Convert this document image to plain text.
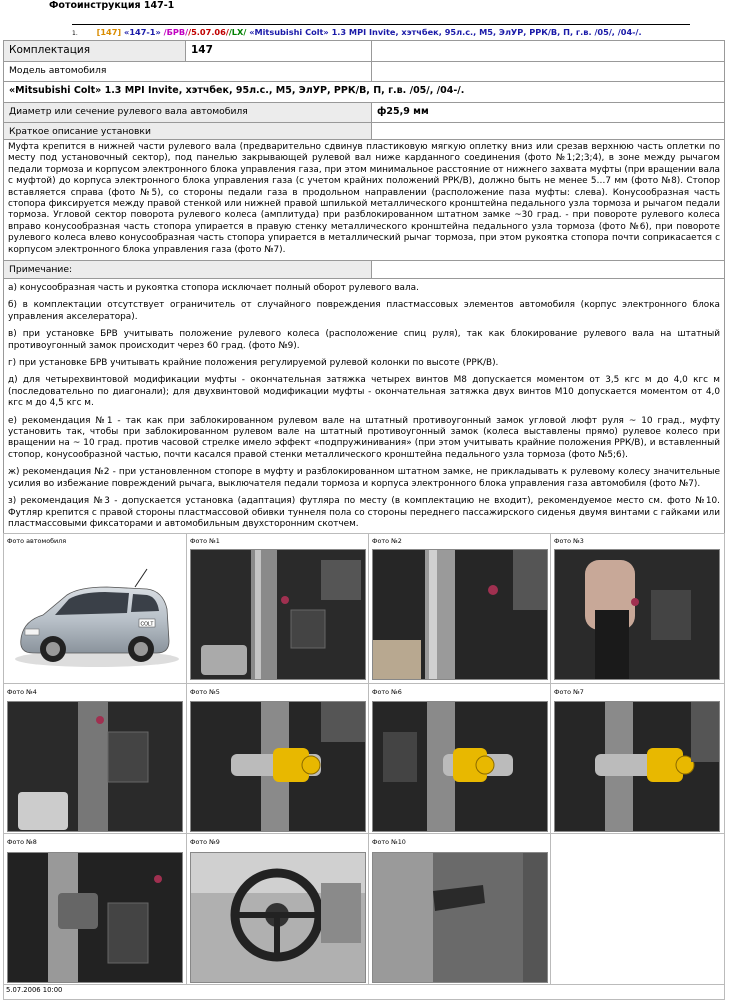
Фотоинструкция 147-1
1. [147] «147-1» /БРВ//5.07.06//LX/ «Mitsubishi Colt» 1.3 MPI Invite, хэтчбек, 95л.с., М5, ЭлУР, РРК/В, П, г.в. /05/, /04-/.
Комплектация	147
Модель автомобиля
«Mitsubishi Colt» 1.3 MPI Invite, хэтчбек, 95л.с., М5, ЭлУР, РРК/В, П, г.в. /05/, /04-/.
Диаметр или сечение рулевого вала автомобиля	ф25,9 мм
Краткое описание установки
Муфта крепится в нижней части рулевого вала (предварительно сдвинув пластиковую мягкую оплетку вниз или срезав верхнюю часть оплетки по месту под установочный сектор), под панелью закрывающей рулевой вал ниже карданного соединения (фото №1;2;3;4), в зоне между рычагом педали тормоза и корпусом электронного блока управления газа, при этом минимальное расстояние от нижнего захвата муфты (при вращении вала с муфтой) до корпуса электронного блока управления газа (с учетом крайних положений РРК/В), должно быть не менее 5…7 мм (фото №8). Стопор вставляется справа (фото №5), со стороны педали газа в продольном направлении (расположение паза муфты: слева). Конусообразная часть стопора фиксируется между правой стенкой или нижней правой шпилькой металлического кронштейна педального узла тормоза и рычагом педали тормоза. Угловой сектор поворота рулевого колеса (амплитуда) при разблокированном штатном замке ~30 град. - при повороте рулевого колеса вправо конусообразная часть стопора упирается в правую стенку металлического кронштейна педального узла тормоза (фото №6), при повороте рулевого колеса влево конусообразная часть стопора упирается в металлический рычаг тормоза, при этом рукоятка стопора почти соприкасается с корпусом электронного блока управления газа (фото №7).
Примечание:

а) конусообразная часть и рукоятка стопора исключает полный оборот рулевого вала.

б) в комплектации отсутствует ограничитель от случайного повреждения пластмассовых элементов автомобиля (корпус электронного блока управления акселератора).

в) при установке БРВ учитывать положение рулевого колеса (расположение спиц руля), так как блокирование рулевого вала на штатный противоугонный замок происходит через 60 град. (фото №9).

г) при установке БРВ учитывать крайние положения регулируемой рулевой колонки по высоте (РРК/В).

д) для четырехвинтовой модификации муфты - окончательная затяжка четырех винтов М8 допускается моментом от 3,5 кгс м до 4,0 кгс м (последовательно по диагонали); для двухвинтовой модификации муфты - окончательная затяжка двух винтов М10 допускается моментом от 4,0 кгс м до 4,5 кгс м.

е) рекомендация №1 - так как при заблокированном рулевом вале на штатный противоугонный замок угловой люфт руля ~ 10 град., муфту установить так, чтобы при заблокированном рулевом вале на штатный противоугонный замок (колеса выставлены прямо) рулевое колесо при вращении на ~ 10 град. против часовой стрелке имело эффект «подпружинивания» (при этом учитывать крайние положения РРК/В), и вставленный стопор, конусообразной частью, почти касался правой стенки металлического кронштейна педального узла тормоза (фото №5;6).

ж) рекомендация №2 - при установленном стопоре в муфту и разблокированном штатном замке, не прикладывать к рулевому колесу значительные усилия во избежание повреждений рычага, выключателя педали тормоза и корпуса электронного блока управления газа автомобиля (фото №7).

з) рекомендация №3 - допускается установка (адаптация) футляра по месту (в комплектацию не входит), рекомендуемое место см. фото №10. Футляр крепится с правой стороны пластмассовой обивки туннеля пола со стороны переднего пассажирского сиденья двумя винтами с гайками или пластмассовыми фиксаторами и автомобильным двухсторонним скотчем.

Фото автомобиля	Фото №1	Фото №2	Фото №3
Фото №4	Фото №5	Фото №6	Фото №7
Фото №8	Фото №9	Фото №10
COLT
5.07.2006 10:00
